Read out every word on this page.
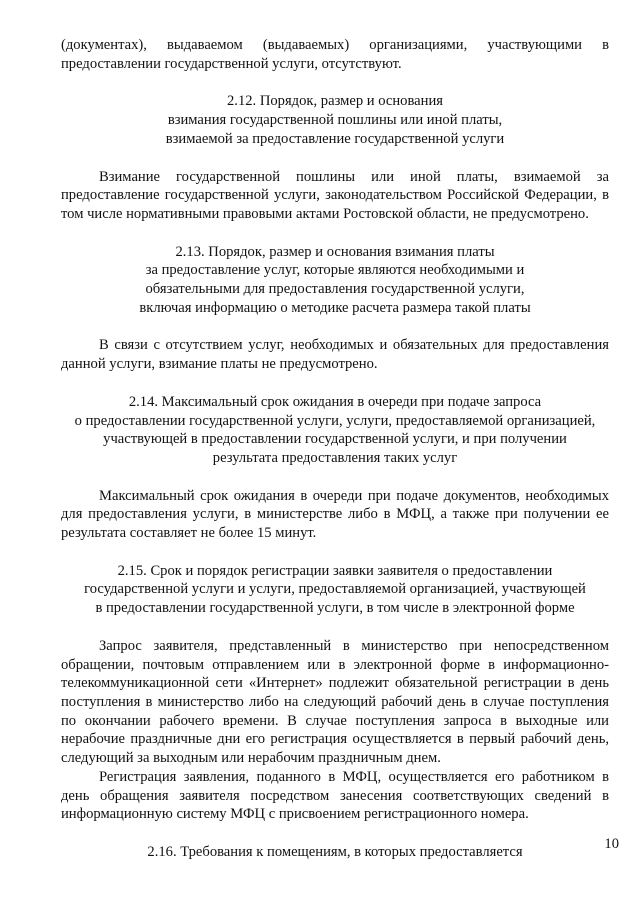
(документах), выдаваемом (выдаваемых) организациями, участвующими в предоставлении государственной услуги, отсутствуют.

2.12. Порядок, размер и основания
взимания государственной пошлины или иной платы,
взимаемой за предоставление государственной услуги

Взимание государственной пошлины или иной платы, взимаемой за предоставление государственной услуги, законодательством Российской Федерации, в том числе нормативными правовыми актами Ростовской области, не предусмотрено.

2.13. Порядок, размер и основания взимания платы
за предоставление услуг, которые являются необходимыми и
обязательными для предоставления государственной услуги,
включая информацию о методике расчета размера такой платы

В связи с отсутствием услуг, необходимых и обязательных для предоставления данной услуги, взимание платы не предусмотрено.

2.14. Максимальный срок ожидания в очереди при подаче запроса
о предоставлении государственной услуги, услуги, предоставляемой организацией,
участвующей в предоставлении государственной услуги, и при получении
результата предоставления таких услуг

Максимальный срок ожидания в очереди при подаче документов, необходимых для предоставления услуги, в министерстве либо в МФЦ, а также при получении ее результата составляет не более 15 минут.

2.15. Срок и порядок регистрации заявки заявителя о предоставлении
государственной услуги и услуги, предоставляемой организацией, участвующей
в предоставлении государственной услуги, в том числе в электронной форме

Запрос заявителя, представленный в министерство при непосредственном обращении, почтовым отправлением или в электронной форме в информационно-телекоммуникационной сети «Интернет» подлежит обязательной регистрации в день поступления в министерство либо на следующий рабочий день в случае поступления по окончании рабочего времени. В случае поступления запроса в выходные или нерабочие праздничные дни его регистрация осуществляется в первый рабочий день, следующий за выходным или нерабочим праздничным днем.

Регистрация заявления, поданного в МФЦ, осуществляется его работником в день обращения заявителя посредством занесения соответствующих сведений в информационную систему МФЦ с присвоением регистрационного номера.

2.16. Требования к помещениям, в которых предоставляется	10
